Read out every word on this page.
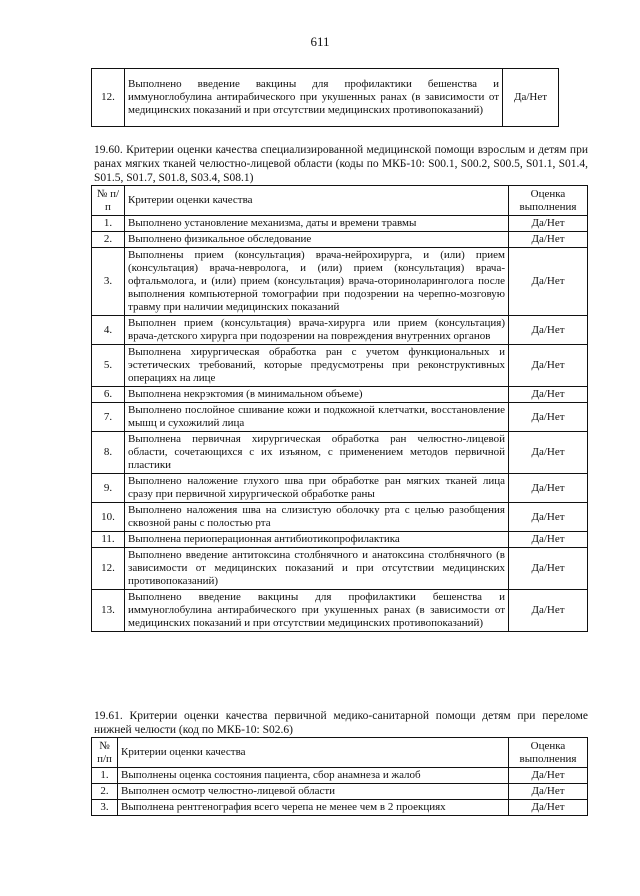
611
12.	Выполнено введение вакцины для профилактики бешенства и иммуноглобулина антирабического при укушенных ранах (в зависимости от медицинских показаний и при отсутствии медицинских противопоказаний)	Да/Нет
19.60. Критерии оценки качества специализированной медицинской помощи взрослым и детям при ранах мягких тканей челюстно-лицевой области (коды по МКБ-10: S00.1, S00.2, S00.5, S01.1, S01.4, S01.5, S01.7, S01.8, S03.4, S08.1)
№ п/п	Критерии оценки качества	Оценка выполнения
1.	Выполнено установление механизма, даты и времени травмы	Да/Нет
2.	Выполнено физикальное обследование	Да/Нет
3.	Выполнены прием (консультация) врача-нейрохирурга, и (или) прием (консультация) врача-невролога, и (или) прием (консультация) врача-офтальмолога, и (или) прием (консультация) врача-оториноларинголога после выполнения компьютерной томографии при подозрении на черепно-мозговую травму при наличии медицинских показаний	Да/Нет
4.	Выполнен прием (консультация) врача-хирурга или прием (консультация) врача-детского хирурга при подозрении на повреждения внутренних органов	Да/Нет
5.	Выполнена хирургическая обработка ран с учетом функциональных и эстетических требований, которые предусмотрены при реконструктивных операциях на лице	Да/Нет
6.	Выполнена некрэктомия (в минимальном объеме)	Да/Нет
7.	Выполнено послойное сшивание кожи и подкожной клетчатки, восстановление мышц и сухожилий лица	Да/Нет
8.	Выполнена первичная хирургическая обработка ран челюстно-лицевой области, сочетающихся с их изъяном, с применением методов первичной пластики	Да/Нет
9.	Выполнено наложение глухого шва при обработке ран мягких тканей лица сразу при первичной хирургической обработке раны	Да/Нет
10.	Выполнено наложения шва на слизистую оболочку рта с целью разобщения сквозной раны с полостью рта	Да/Нет
11.	Выполнена периоперационная антибиотикопрофилактика	Да/Нет
12.	Выполнено введение антитоксина столбнячного и анатоксина столбнячного (в зависимости от медицинских показаний и при отсутствии медицинских противопоказаний)	Да/Нет
13.	Выполнено введение вакцины для профилактики бешенства и иммуноглобулина антирабического при укушенных ранах (в зависимости от медицинских показаний и при отсутствии медицинских противопоказаний)	Да/Нет
19.61. Критерии оценки качества первичной медико-санитарной помощи детям при переломе нижней челюсти (код по МКБ-10: S02.6)
№ п/п	Критерии оценки качества	Оценка выполнения
1.	Выполнены оценка состояния пациента, сбор анамнеза и жалоб	Да/Нет
2.	Выполнен осмотр челюстно-лицевой области	Да/Нет
3.	Выполнена рентгенография всего черепа не менее чем в 2 проекциях	Да/Нет
